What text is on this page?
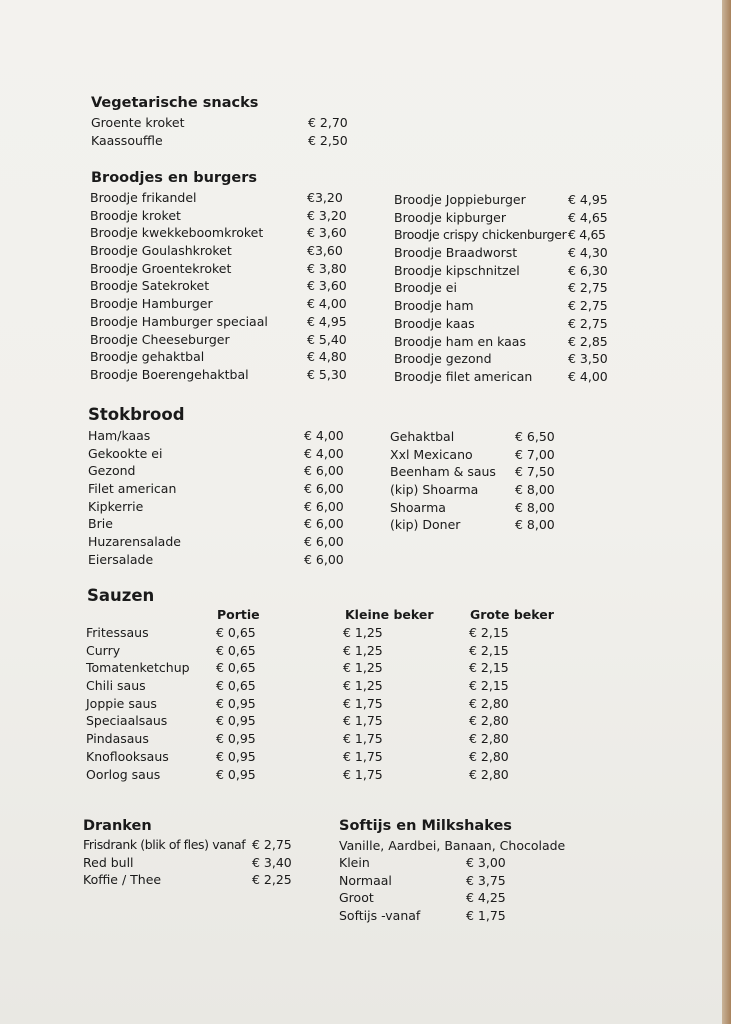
Vegetarische snacks
Groente kroket	€ 2,70
Kaassouffle	€ 2,50
Broodjes en burgers
Broodje frikandel	€3,20
Broodje kroket	€ 3,20
Broodje kwekkeboomkroket	€ 3,60
Broodje Goulashkroket	€3,60
Broodje Groentekroket	€ 3,80
Broodje Satekroket	€ 3,60
Broodje Hamburger	€ 4,00
Broodje Hamburger speciaal	€ 4,95
Broodje Cheeseburger	€ 5,40
Broodje gehaktbal	€ 4,80
Broodje Boerengehaktbal	€ 5,30
Broodje Joppieburger	€ 4,95
Broodje kipburger	€ 4,65
Broodje crispy chickenburger € 4,65
Broodje Braadworst	€ 4,30
Broodje kipschnitzel	€ 6,30
Broodje ei	€ 2,75
Broodje ham	€ 2,75
Broodje kaas	€ 2,75
Broodje ham en kaas	€ 2,85
Broodje gezond	€ 3,50
Broodje filet american	€ 4,00
Stokbrood
Ham/kaas	€ 4,00
Gekookte ei	€ 4,00
Gezond	€ 6,00
Filet american	€ 6,00
Kipkerrie	€ 6,00
Brie	€ 6,00
Huzarensalade	€ 6,00
Eiersalade	€ 6,00
Gehaktbal	€ 6,50
Xxl Mexicano	€ 7,00
Beenham & saus € 7,50
(kip) Shoarma	€ 8,00
Shoarma	€ 8,00
(kip) Doner	€ 8,00
Sauzen
Portie	Kleine beker	Grote beker
Fritessaus	€ 0,65	€ 1,25	€ 2,15
Curry	€ 0,65	€ 1,25	€ 2,15
Tomatenketchup € 0,65	€ 1,25	€ 2,15
Chili saus	€ 0,65	€ 1,25	€ 2,15
Joppie saus	€ 0,95	€ 1,75	€ 2,80
Speciaalsaus	€ 0,95	€ 1,75	€ 2,80
Pindasaus	€ 0,95	€ 1,75	€ 2,80
Knoflooksaus	€ 0,95	€ 1,75	€ 2,80
Oorlog saus	€ 0,95	€ 1,75	€ 2,80
Dranken
Frisdrank (blik of fles) vanaf € 2,75
Red bull	€ 3,40
Koffie / Thee	€ 2,25
Softijs en Milkshakes
Vanille, Aardbei, Banaan, Chocolade
Klein	€ 3,00
Normaal	€ 3,75
Groot	€ 4,25
Softijs -vanaf	€ 1,75
